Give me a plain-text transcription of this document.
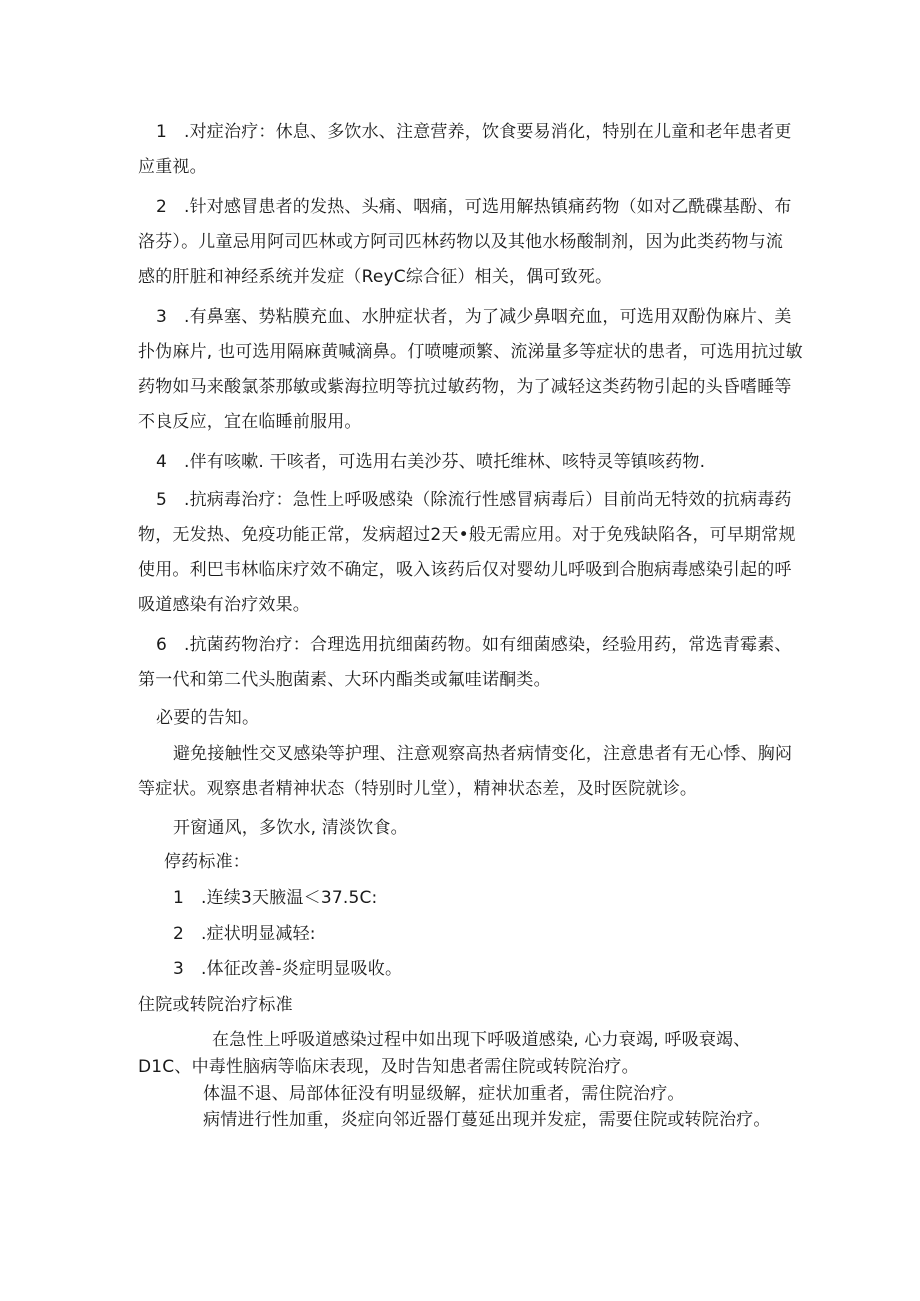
1 .对症治疗：休息、多饮水、注意营养，饮食要易消化，特别在儿童和老年患者更
应重视。
2 .针对感冒患者的发热、头痛、咽痛，可选用解热镇痛药物（如对乙酰碟基酚、布
洛芬）。儿童忌用阿司匹林或方阿司匹林药物以及其他水杨酸制剂，因为此类药物与流
感的肝脏和神经系统并发症（ReyC综合征）相关，偶可致死。
3 .有鼻塞、势粘膜充血、水肿症状者，为了减少鼻咽充血，可选用双酚伪麻片、美
扑伪麻片, 也可选用隔麻黄喊滴鼻。仃喷嚏顽繁、流涕量多等症状的患者，可选用抗过敏
药物如马来酸氯茶那敏或紫海拉明等抗过敏药物，为了减轻这类药物引起的头昏嗜睡等
不良反应，宜在临睡前服用。
4 .伴有咳嗽. 干咳者，可选用右美沙芬、喷托维林、咳特灵等镇咳药物.
5 .抗病毒治疗：急性上呼吸感染（除流行性感冒病毒后）目前尚无特效的抗病毒药
物，无发热、免疫功能正常，发病超过2天•般无需应用。对于免残缺陷各，可早期常规
使用。利巴韦林临床疗效不确定，吸入该药后仅对婴幼儿呼吸到合胞病毒感染引起的呼
吸道感染有治疗效果。
6 .抗菌药物治疗：合理选用抗细菌药物。如有细菌感染，经验用药，常选青霉素、
第一代和第二代头胞菌素、大环内酯类或氟哇诺酮类。
必要的告知。
避免接触性交叉感染等护理、注意观察高热者病情变化，注意患者有无心悸、胸闷
等症状。观察患者精神状态（特别时儿堂），精神状态差，及时医院就诊。
开窗通风，多饮水, 清淡饮食。
停药标准：
1 .连续3天腋温＜37.5C:
2 .症状明显减轻:
3 .体征改善-炎症明显吸收。
住院或转院治疗标准
在急性上呼吸道感染过程中如出现下呼吸道感染, 心力衰竭, 呼吸衰竭、
D1C、中毒性脑病等临床表现，及时告知患者需住院或转院治疗。
体温不退、局部体征没有明显级解，症状加重者，需住院治疗。
病情进行性加重，炎症向邻近器仃蔓延出现并发症，需要住院或转院治疗。
